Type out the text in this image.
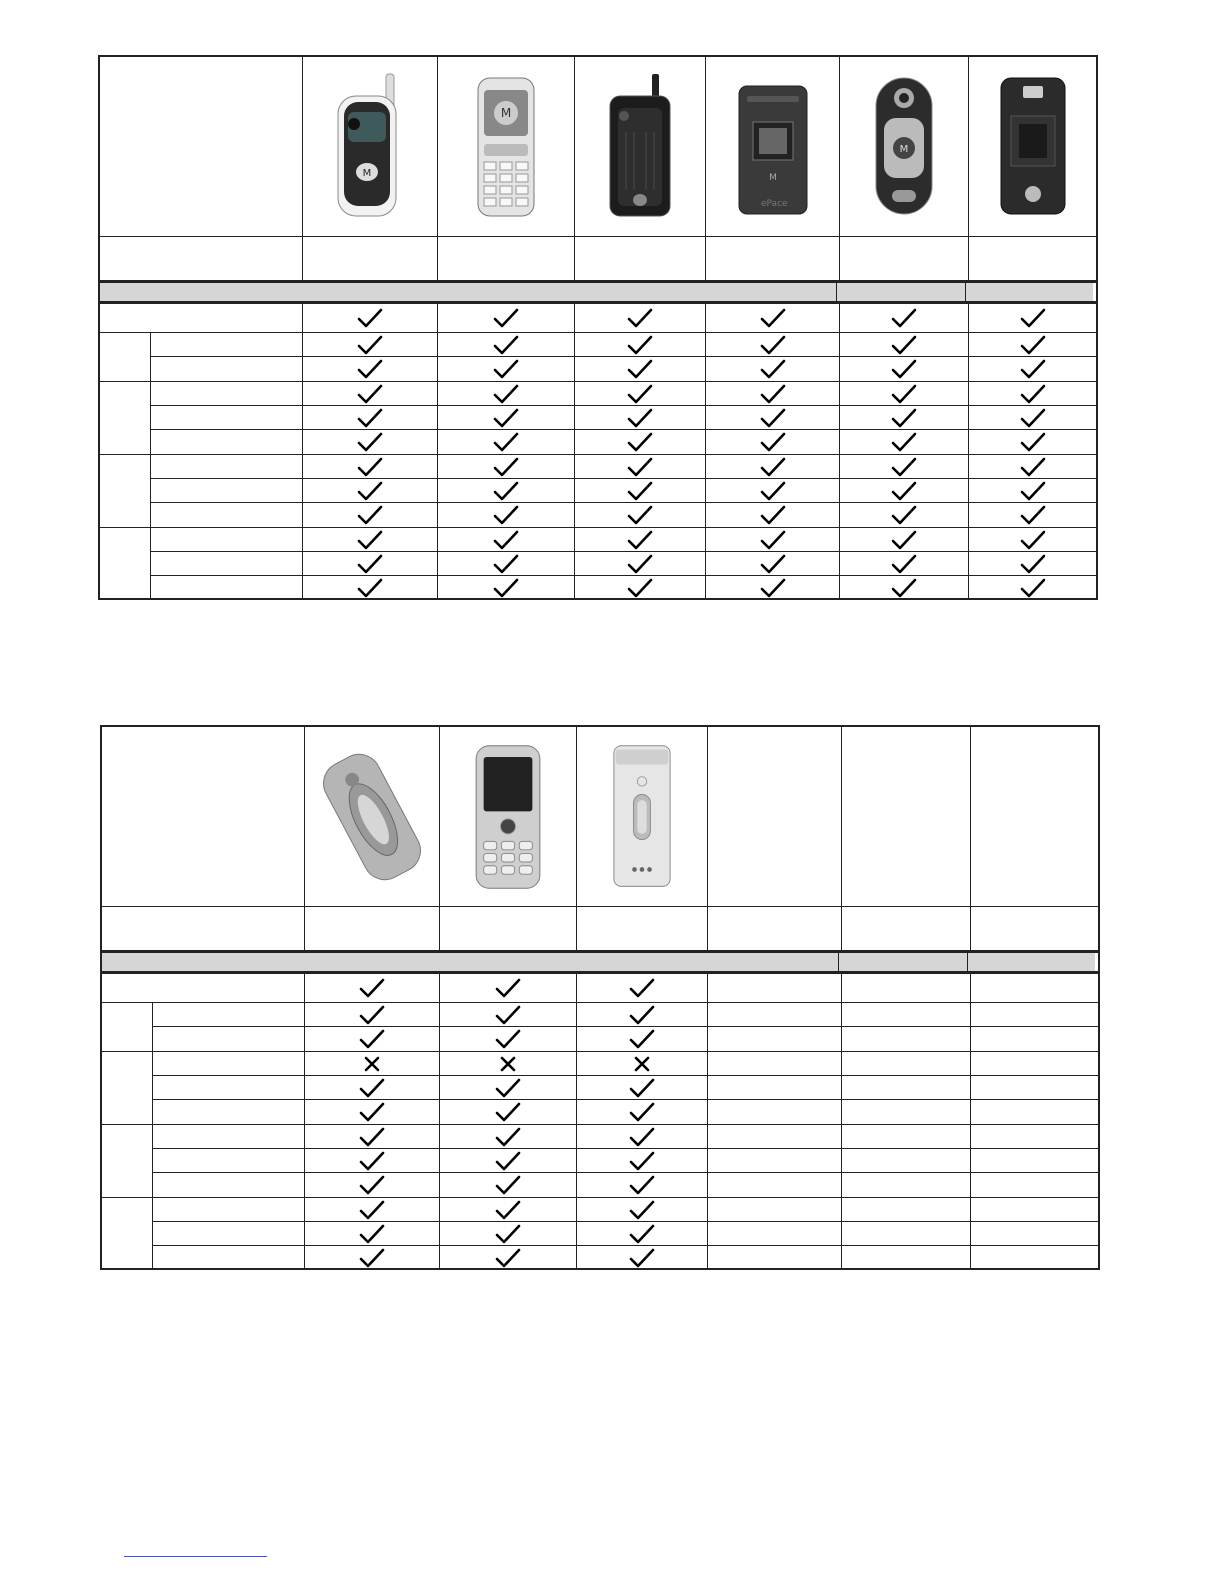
M
M
M
ePace
M
